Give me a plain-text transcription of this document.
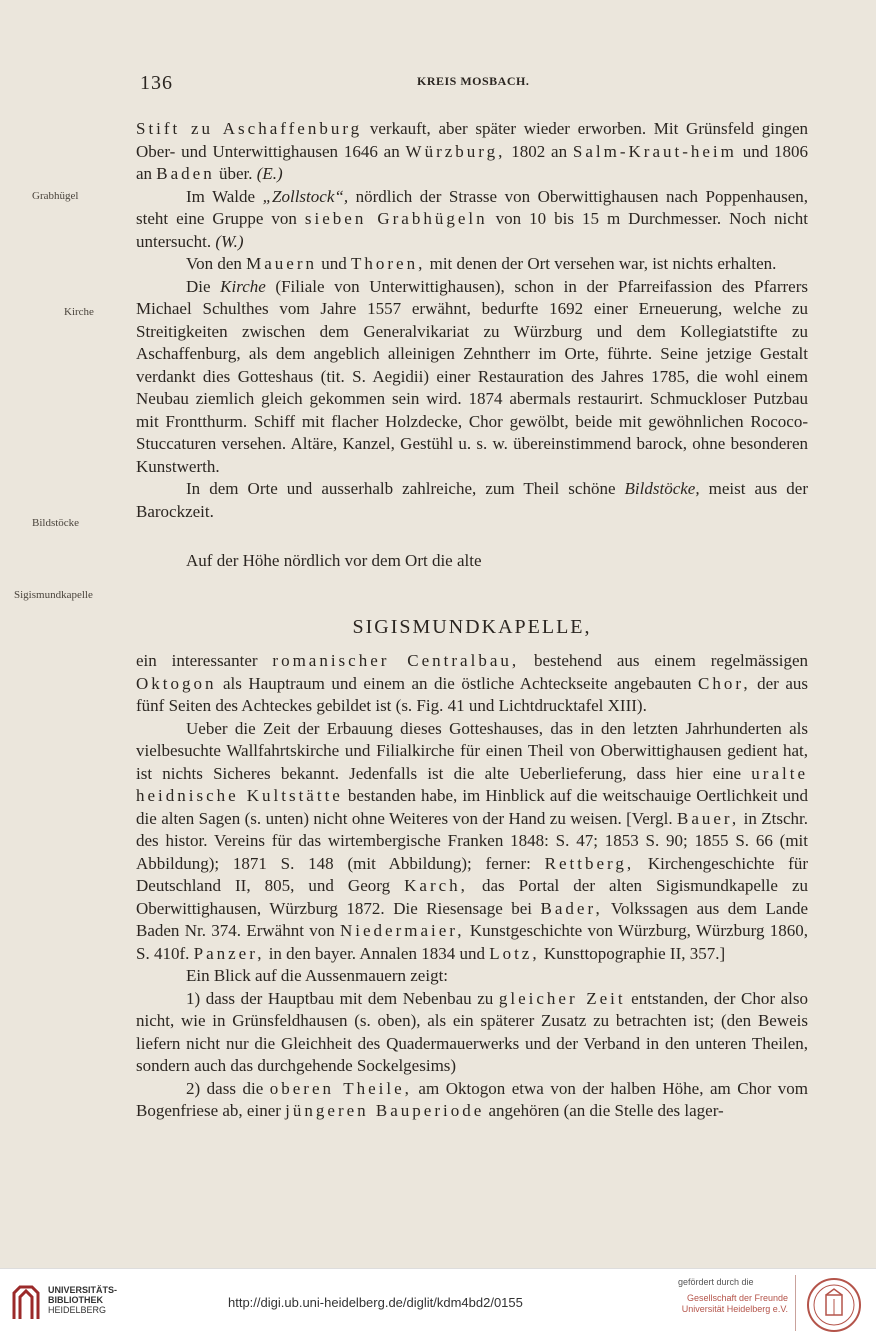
136	KREIS MOSBACH.
Grabhügel
Kirche
Bildstöcke
Sigismundkapelle

Stift zu Aschaffenburg verkauft, aber später wieder erworben. Mit Grünsfeld gingen Ober- und Unterwittighausen 1646 an Würzburg, 1802 an Salm-Kraut-heim und 1806 an Baden über. (E.)

Im Walde „Zollstock“, nördlich der Strasse von Oberwittighausen nach Poppenhausen, steht eine Gruppe von sieben Grabhügeln von 10 bis 15 m Durchmesser. Noch nicht untersucht. (W.)

Von den Mauern und Thoren, mit denen der Ort versehen war, ist nichts erhalten.

Die Kirche (Filiale von Unterwittighausen), schon in der Pfarreifassion des Pfarrers Michael Schulthes vom Jahre 1557 erwähnt, bedurfte 1692 einer Erneuerung, welche zu Streitigkeiten zwischen dem Generalvikariat zu Würzburg und dem Kollegiatstifte zu Aschaffenburg, als dem angeblich alleinigen Zehntherr im Orte, führte. Seine jetzige Gestalt verdankt dies Gotteshaus (tit. S. Aegidii) einer Restauration des Jahres 1785, die wohl einem Neubau ziemlich gleich gekommen sein wird. 1874 abermals restaurirt. Schmuckloser Putzbau mit Frontthurm. Schiff mit flacher Holzdecke, Chor gewölbt, beide mit gewöhnlichen Rococo-Stuccaturen versehen. Altäre, Kanzel, Gestühl u. s. w. übereinstimmend barock, ohne besonderen Kunstwerth.

In dem Orte und ausserhalb zahlreiche, zum Theil schöne Bildstöcke, meist aus der Barockzeit.

Auf der Höhe nördlich vor dem Ort die alte

SIGISMUNDKAPELLE,

ein interessanter romanischer Centralbau, bestehend aus einem regelmässigen Oktogon als Hauptraum und einem an die östliche Achteckseite angebauten Chor, der aus fünf Seiten des Achteckes gebildet ist (s. Fig. 41 und Lichtdrucktafel XIII).

Ueber die Zeit der Erbauung dieses Gotteshauses, das in den letzten Jahrhunderten als vielbesuchte Wallfahrtskirche und Filialkirche für einen Theil von Oberwittighausen gedient hat, ist nichts Sicheres bekannt. Jedenfalls ist die alte Ueberlieferung, dass hier eine uralte heidnische Kultstätte bestanden habe, im Hinblick auf die weitschauige Oertlichkeit und die alten Sagen (s. unten) nicht ohne Weiteres von der Hand zu weisen. [Vergl. Bauer, in Ztschr. des histor. Vereins für das wirtembergische Franken 1848: S. 47; 1853 S. 90; 1855 S. 66 (mit Abbildung); 1871 S. 148 (mit Abbildung); ferner: Rettberg, Kirchengeschichte für Deutschland II, 805, und Georg Karch, das Portal der alten Sigismundkapelle zu Oberwittighausen, Würzburg 1872. Die Riesensage bei Bader, Volkssagen aus dem Lande Baden Nr. 374. Erwähnt von Niedermaier, Kunstgeschichte von Würzburg, Würzburg 1860, S. 410f. Panzer, in den bayer. Annalen 1834 und Lotz, Kunsttopographie II, 357.]

Ein Blick auf die Aussenmauern zeigt:

1) dass der Hauptbau mit dem Nebenbau zu gleicher Zeit entstanden, der Chor also nicht, wie in Grünsfeldhausen (s. oben), als ein späterer Zusatz zu betrachten ist; (den Beweis liefern nicht nur die Gleichheit des Quadermauerwerks und der Verband in den unteren Theilen, sondern auch das durchgehende Sockelgesims)

2) dass die oberen Theile, am Oktogon etwa von der halben Höhe, am Chor vom Bogenfriese ab, einer jüngeren Bauperiode angehören (an die Stelle des lager-

UNIVERSITÄTS-
BIBLIOTHEK
HEIDELBERG	http://digi.ub.uni-heidelberg.de/diglit/kdm4bd2/0155
gefördert durch die
Gesellschaft der Freunde
Universität Heidelberg e.V.
